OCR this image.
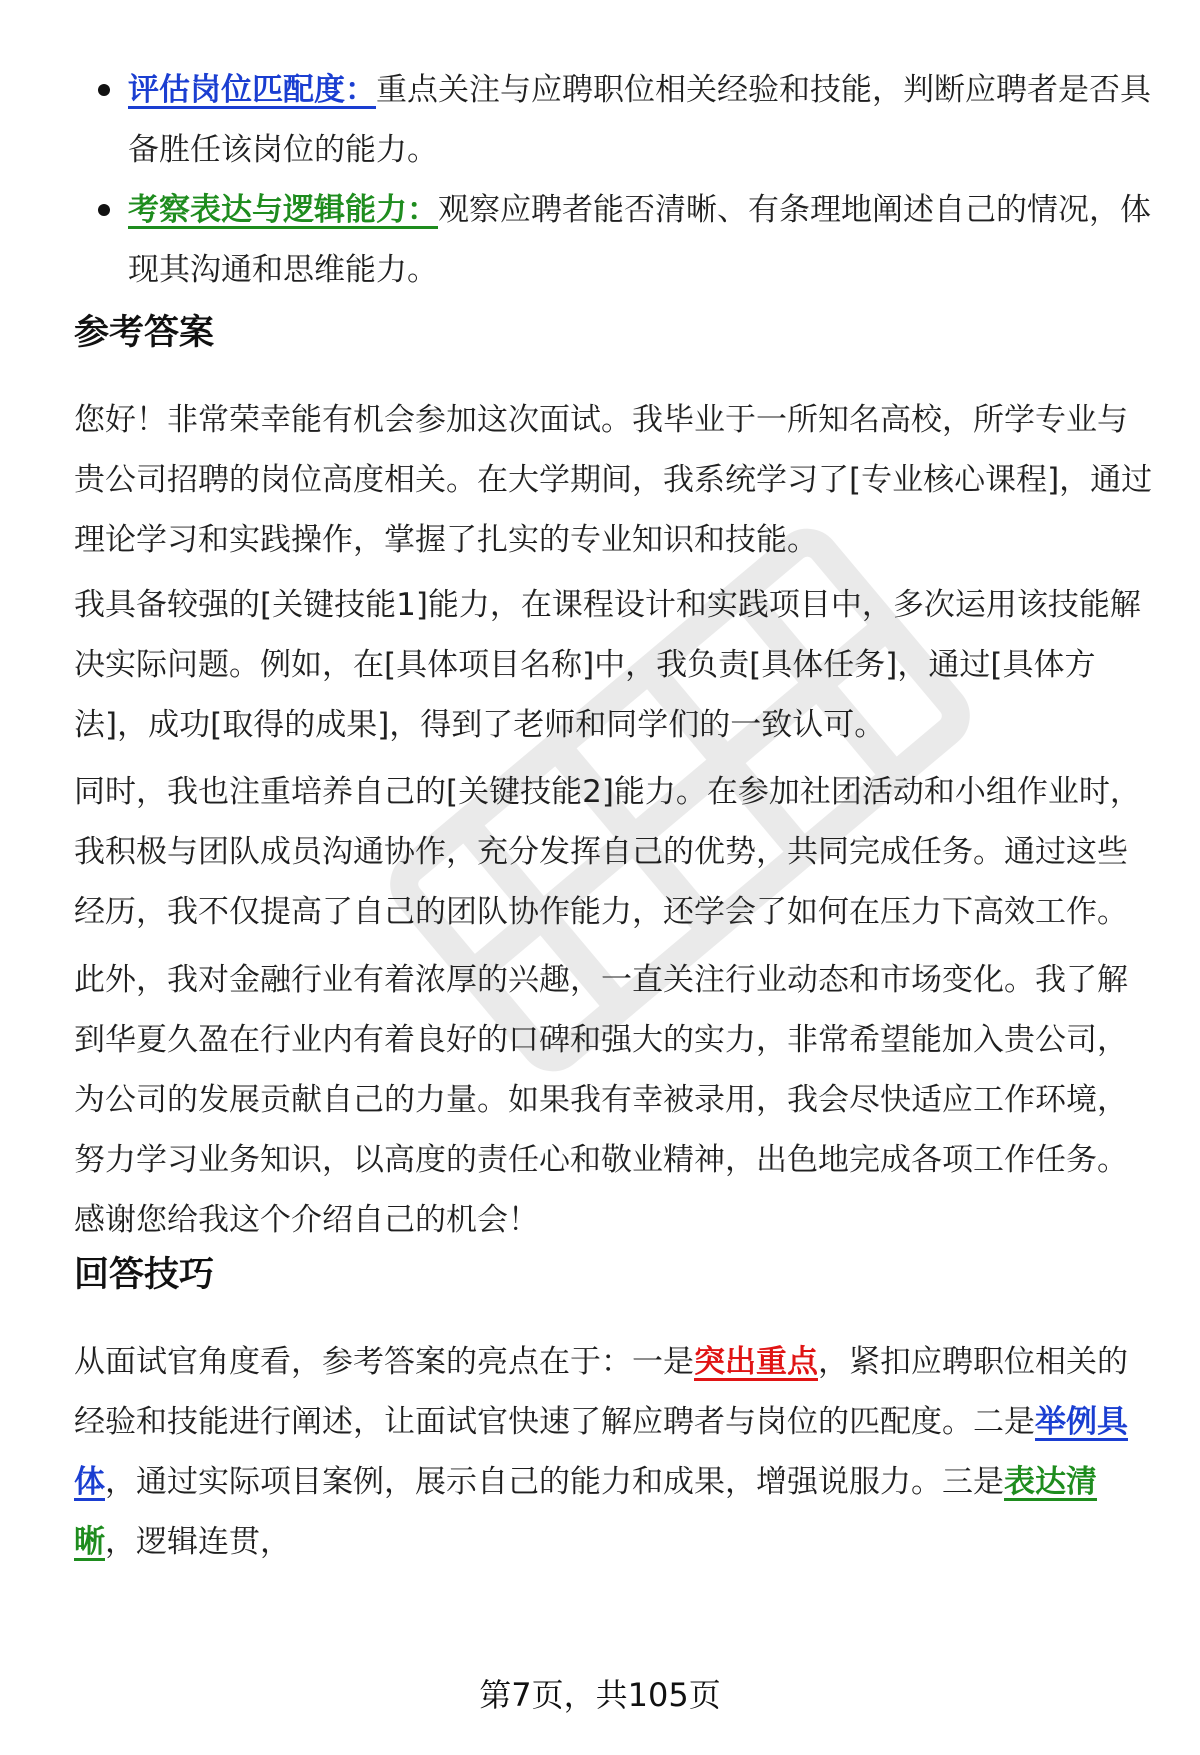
评估岗位匹配度：重点关注与应聘职位相关经验和技能，判断应聘者是否具备胜任该岗位的能力。
考察表达与逻辑能力：观察应聘者能否清晰、有条理地阐述自己的情况，体现其沟通和思维能力。
参考答案

您好！非常荣幸能有机会参加这次面试。我毕业于一所知名高校，所学专业与贵公司招聘的岗位高度相关。在大学期间，我系统学习了[专业核心课程]，通过理论学习和实践操作，掌握了扎实的专业知识和技能。

我具备较强的[关键技能1]能力，在课程设计和实践项目中，多次运用该技能解决实际问题。例如，在[具体项目名称]中，我负责[具体任务]，通过[具体方法]，成功[取得的成果]，得到了老师和同学们的一致认可。

同时，我也注重培养自己的[关键技能2]能力。在参加社团活动和小组作业时，我积极与团队成员沟通协作，充分发挥自己的优势，共同完成任务。通过这些经历，我不仅提高了自己的团队协作能力，还学会了如何在压力下高效工作。

此外，我对金融行业有着浓厚的兴趣，一直关注行业动态和市场变化。我了解到华夏久盈在行业内有着良好的口碑和强大的实力，非常希望能加入贵公司，为公司的发展贡献自己的力量。如果我有幸被录用，我会尽快适应工作环境，努力学习业务知识，以高度的责任心和敬业精神，出色地完成各项工作任务。感谢您给我这个介绍自己的机会！

回答技巧

从面试官角度看，参考答案的亮点在于：一是突出重点，紧扣应聘职位相关的经验和技能进行阐述，让面试官快速了解应聘者与岗位的匹配度。二是举例具体，通过实际项目案例，展示自己的能力和成果，增强说服力。三是表达清晰，逻辑连贯，

第7页，共105页
